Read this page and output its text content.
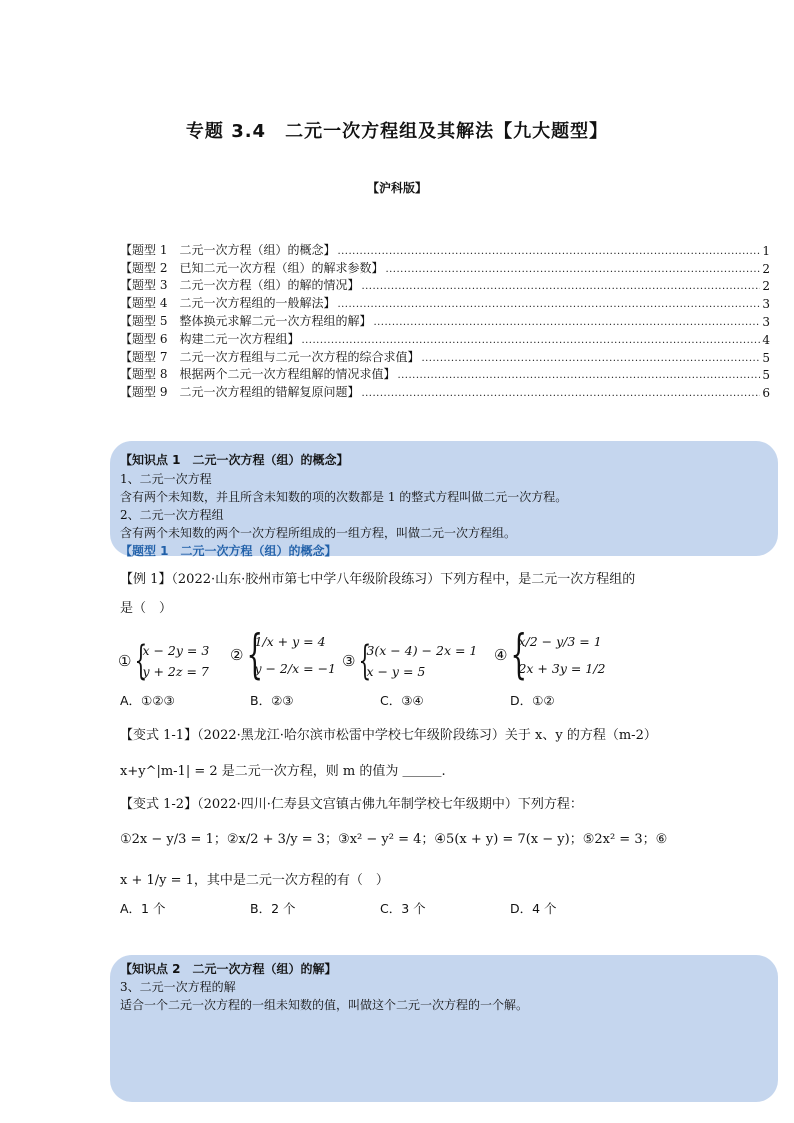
专题 3.4　二元一次方程组及其解法【九大题型】
【沪科版】
【题型 1　二元一次方程（组）的概念】 .....	1
【题型 2　已知二元一次方程（组）的解求参数】 .....	2
【题型 3　二元一次方程（组）的解的情况】 .....	2
【题型 4　二元一次方程组的一般解法】 .....	3
【题型 5　整体换元求解二元一次方程组的解】 .....	3
【题型 6　构建二元一次方程组】 .....	4
【题型 7　二元一次方程组与二元一次方程的综合求值】 .....	5
【题型 8　根据两个二元一次方程组解的情况求值】 .....	5
【题型 9　二元一次方程组的错解复原问题】 .....	6
【知识点 1　二元一次方程（组）的概念】
1、二元一次方程
含有两个未知数，并且所含未知数的项的次数都是 1 的整式方程叫做二元一次方程。
2、二元一次方程组
含有两个未知数的两个一次方程所组成的一组方程，叫做二元一次方程组。
【题型 1　二元一次方程（组）的概念】
【例 1】（2022·山东·胶州市第七中学八年级阶段练习）下列方程中，是二元一次方程组的
是（　）
① {
x − 2y = 3
y + 2z = 7
② {
1/x + y = 4
y − 2/x = −1 ③ {
3(x − 4) − 2x = 1
x − y = 5
④ {
x/2 − y/3 = 1
2x + 3y = 1/2
A．①②③	B．②③	C．③④	D．①②
【变式 1-1】（2022·黑龙江·哈尔滨市松雷中学校七年级阶段练习）关于 x、y 的方程（m-2）
x+y^|m-1| = 2 是二元一次方程，则 m 的值为 ＿＿＿.
【变式 1-2】（2022·四川·仁寿县文宫镇古佛九年制学校七年级期中）下列方程：
①2x − y/3 = 1；②x/2 + 3/y = 3；③x² − y² = 4；④5(x + y) = 7(x − y)；⑤2x² = 3；⑥
x + 1/y = 1，其中是二元一次方程的有（　）
A．1 个	B．2 个	C．3 个	D．4 个
【知识点 2　二元一次方程（组）的解】
3、二元一次方程的解
适合一个二元一次方程的一组未知数的值，叫做这个二元一次方程的一个解。
